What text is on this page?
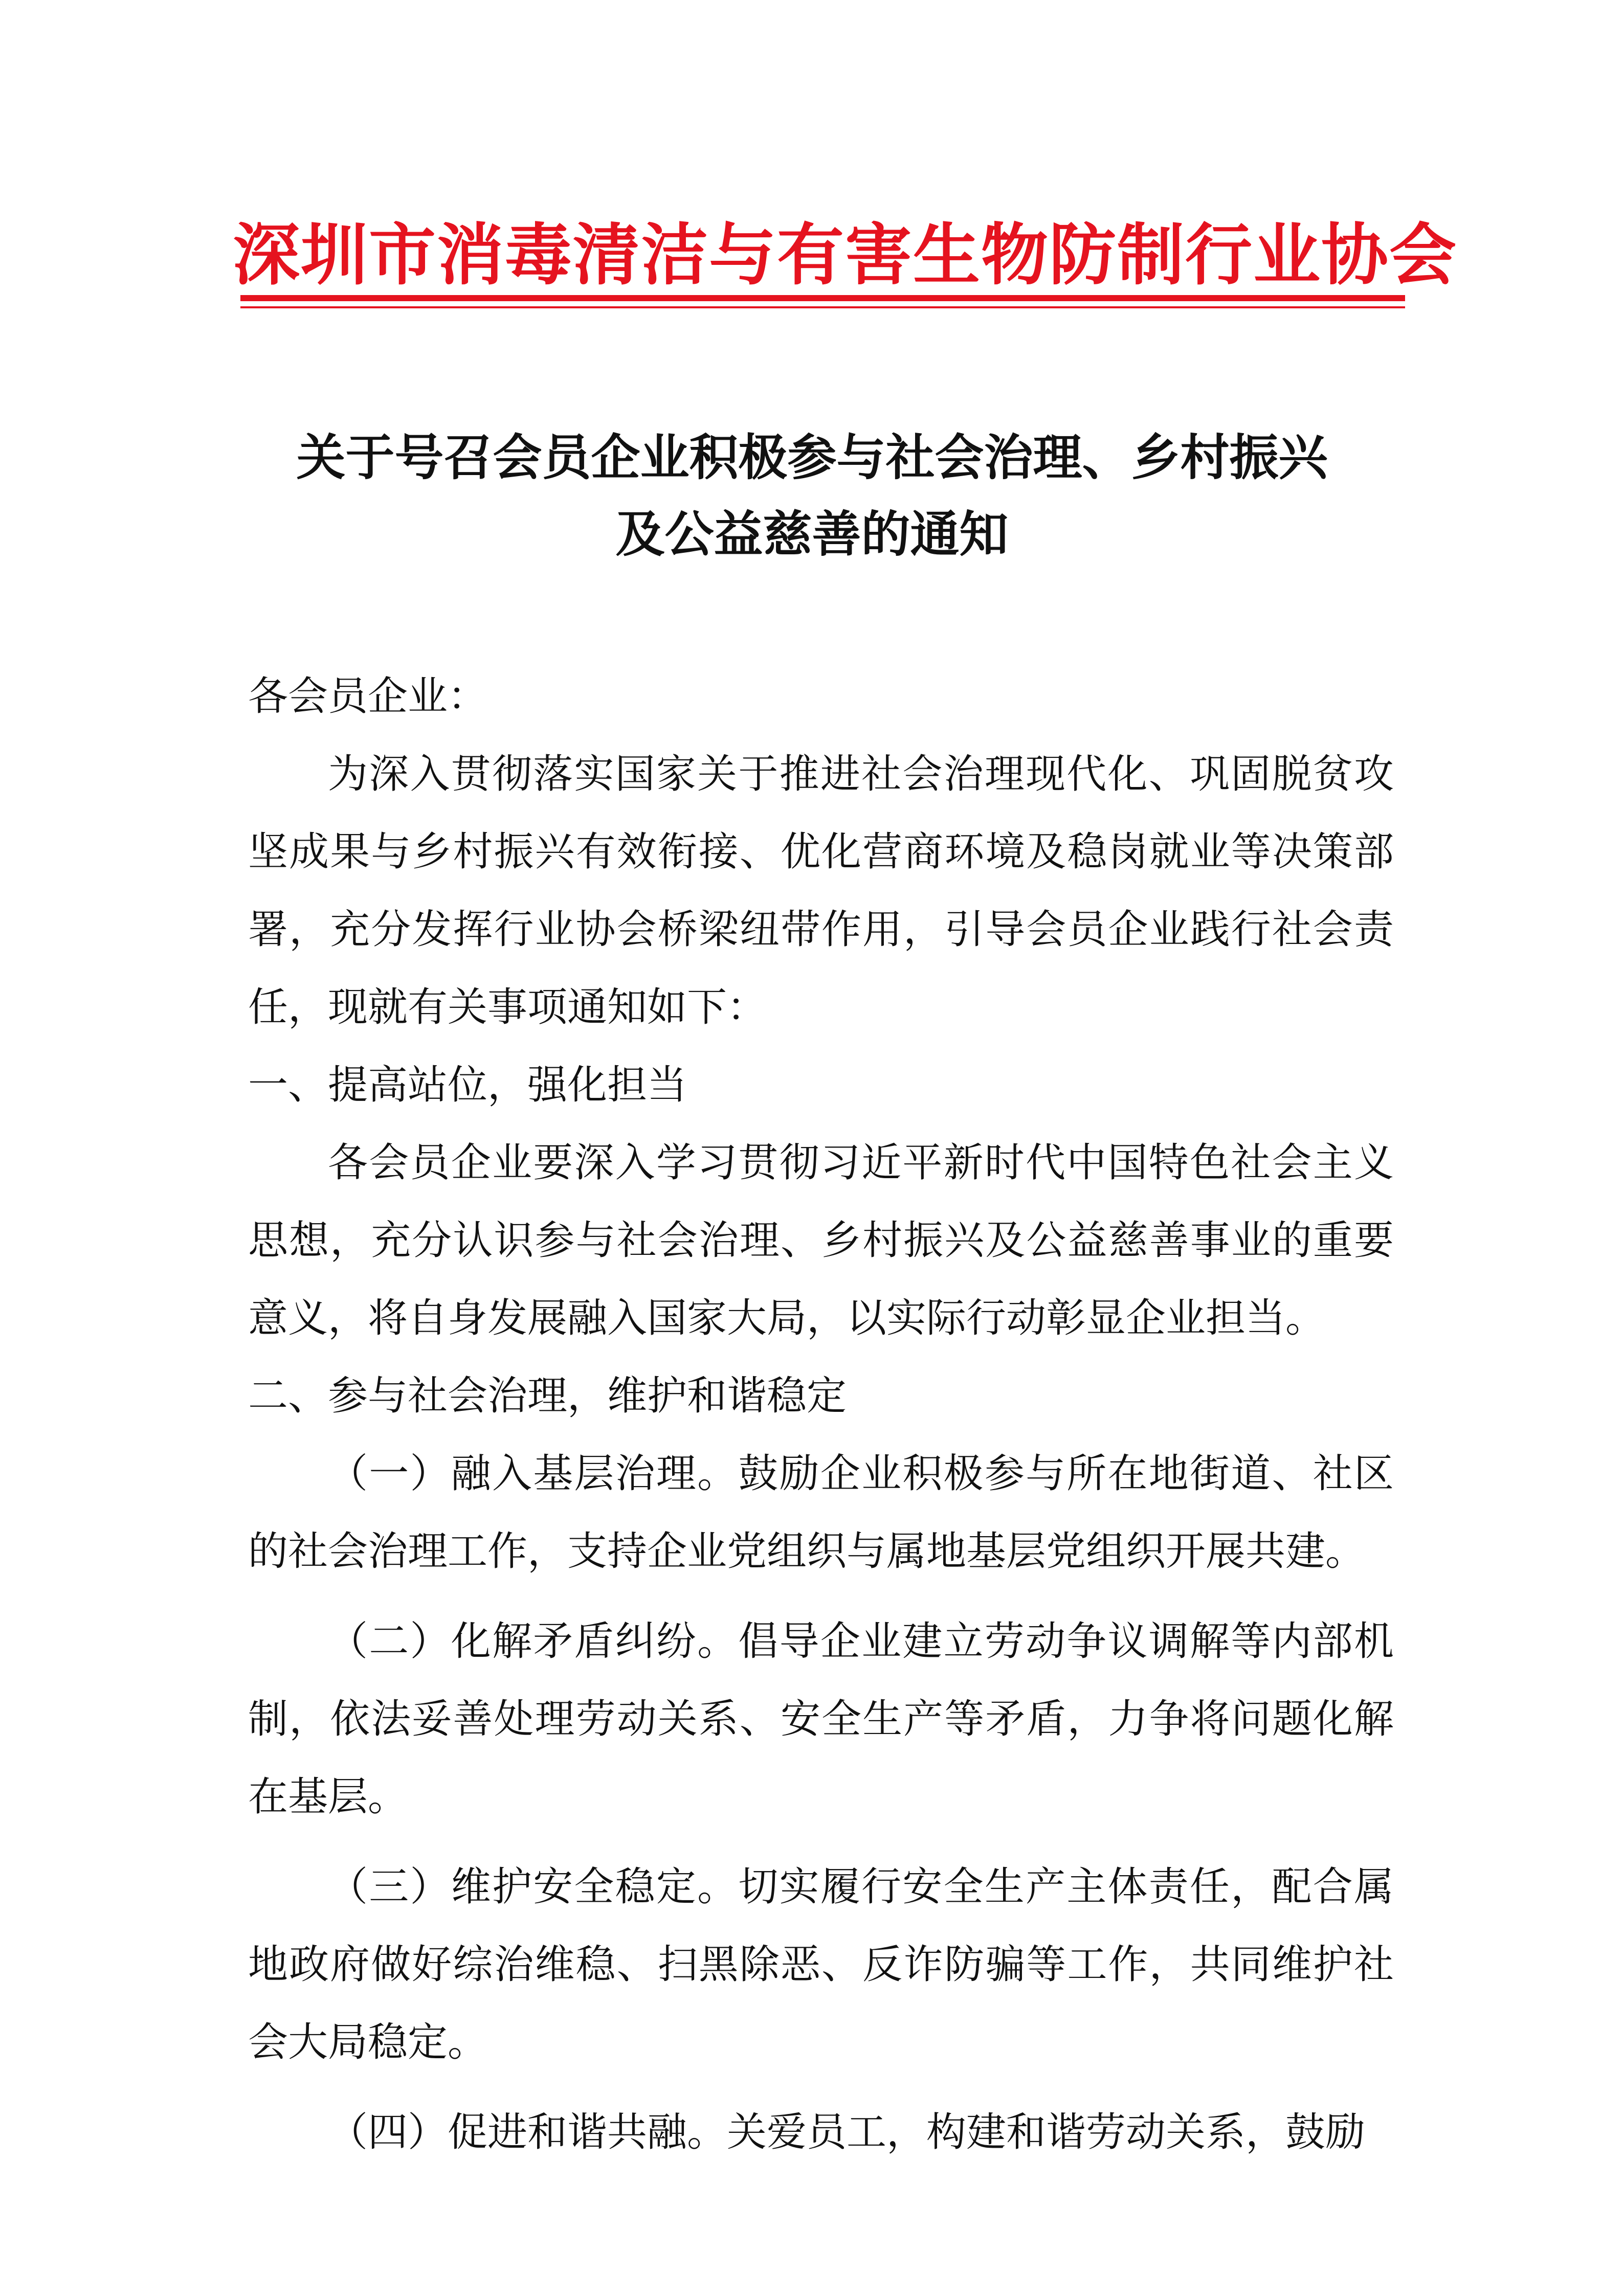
深圳市消毒清洁与有害生物防制行业协会
关于号召会员企业积极参与社会治理、乡村振兴
及公益慈善的通知

各会员企业：

为深入贯彻落实国家关于推进社会治理现代化、巩固脱贫攻坚成果与乡村振兴有效衔接、优化营商环境及稳岗就业等决策部署，充分发挥行业协会桥梁纽带作用，引导会员企业践行社会责任，现就有关事项通知如下：

一、提高站位，强化担当

各会员企业要深入学习贯彻习近平新时代中国特色社会主义思想，充分认识参与社会治理、乡村振兴及公益慈善事业的重要意义，将自身发展融入国家大局，以实际行动彰显企业担当。

二、参与社会治理，维护和谐稳定

（一）融入基层治理。鼓励企业积极参与所在地街道、社区的社会治理工作，支持企业党组织与属地基层党组织开展共建。

（二）化解矛盾纠纷。倡导企业建立劳动争议调解等内部机制，依法妥善处理劳动关系、安全生产等矛盾，力争将问题化解在基层。

（三）维护安全稳定。切实履行安全生产主体责任，配合属地政府做好综治维稳、扫黑除恶、反诈防骗等工作，共同维护社会大局稳定。

（四）促进和谐共融。关爱员工，构建和谐劳动关系，鼓励
